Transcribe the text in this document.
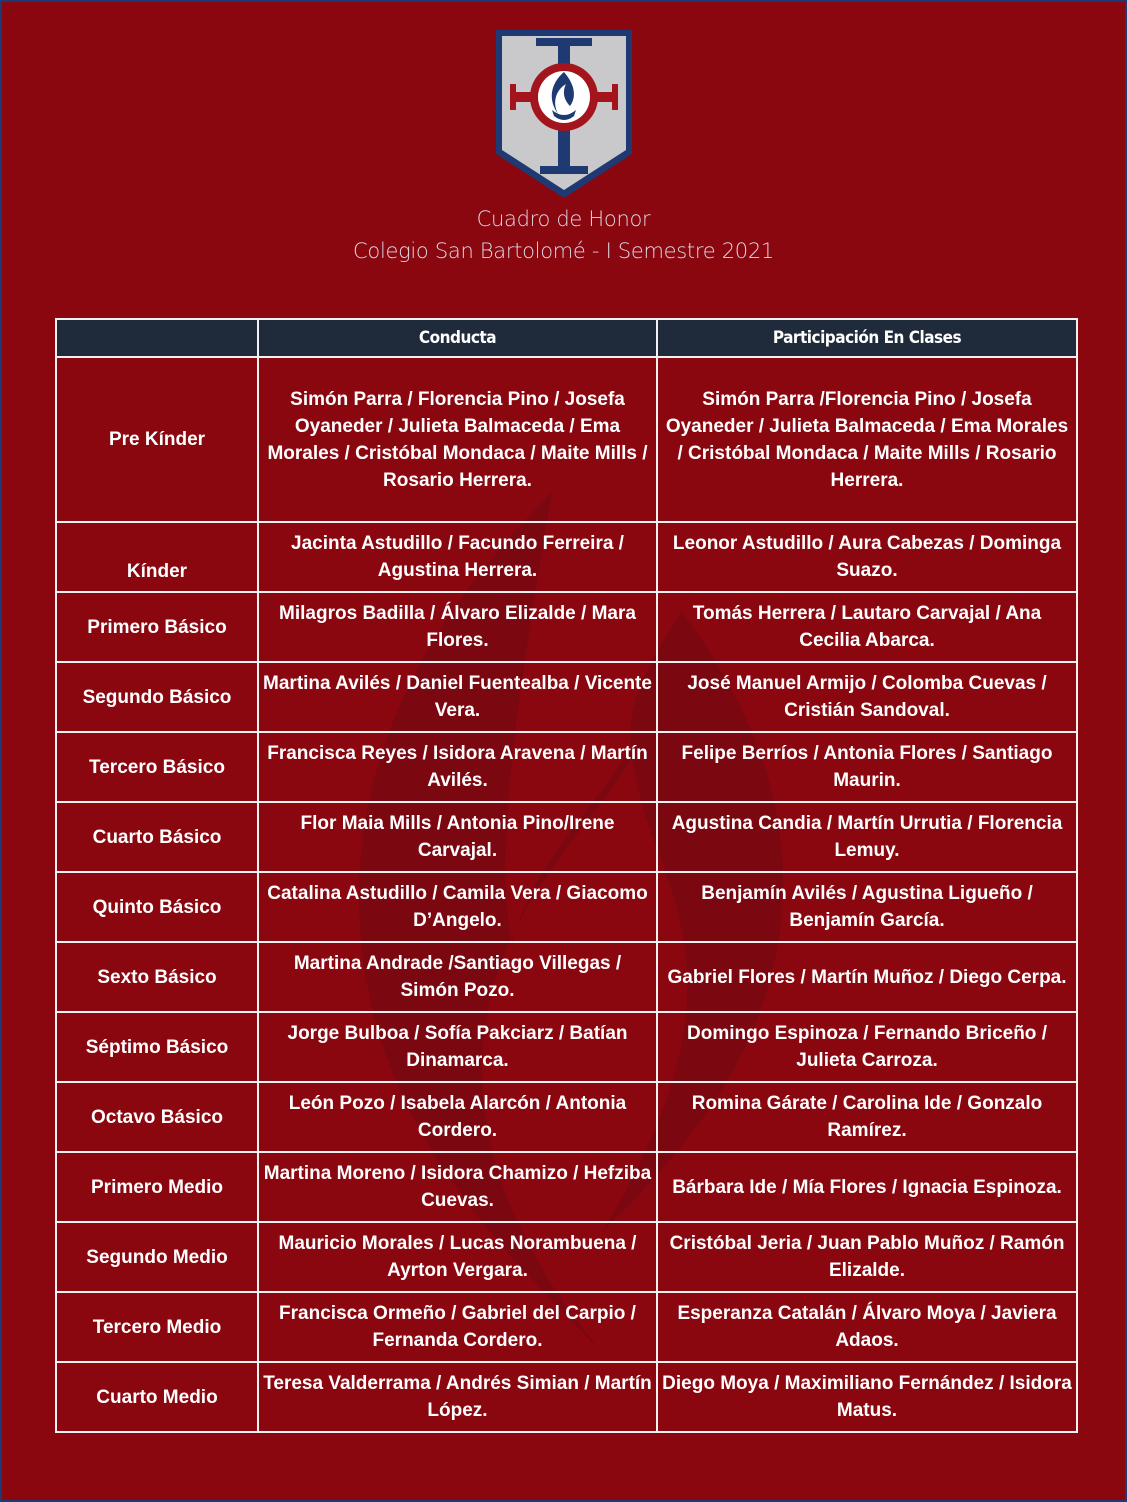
Cuadro de Honor
Colegio San Bartolomé - I Semestre 2021
	Conducta	Participación En Clases
Pre Kínder	Simón Parra / Florencia Pino / Josefa Oyaneder / Julieta Balmaceda / Ema Morales / Cristóbal Mondaca / Maite Mills / Rosario Herrera.	Simón Parra /Florencia Pino / Josefa Oyaneder / Julieta Balmaceda / Ema Morales / Cristóbal Mondaca / Maite Mills / Rosario Herrera.
Kínder	Jacinta Astudillo / Facundo Ferreira / Agustina Herrera.	Leonor Astudillo / Aura Cabezas / Dominga Suazo.
Primero Básico	Milagros Badilla / Álvaro Elizalde / Mara Flores.	Tomás Herrera / Lautaro Carvajal / Ana Cecilia Abarca.
Segundo Básico	Martina Avilés / Daniel Fuentealba / Vicente Vera.	José Manuel Armijo / Colomba Cuevas / Cristián Sandoval.
Tercero Básico	Francisca Reyes / Isidora Aravena / Martín Avilés.	Felipe Berríos / Antonia Flores / Santiago Maurin.
Cuarto Básico	Flor Maia Mills / Antonia Pino/Irene Carvajal.	Agustina Candia / Martín Urrutia / Florencia Lemuy.
Quinto Básico	Catalina Astudillo / Camila Vera / Giacomo D’Angelo.	Benjamín Avilés / Agustina Ligueño / Benjamín García.
Sexto Básico	Martina Andrade /Santiago Villegas / Simón Pozo.	Gabriel Flores / Martín Muñoz / Diego Cerpa.
Séptimo Básico	Jorge Bulboa / Sofía Pakciarz / Batían Dinamarca.	Domingo Espinoza / Fernando Briceño / Julieta Carroza.
Octavo Básico	León Pozo / Isabela Alarcón / Antonia Cordero.	Romina Gárate / Carolina Ide / Gonzalo Ramírez.
Primero Medio	Martina Moreno / Isidora Chamizo / Hefziba Cuevas.	Bárbara Ide / Mía Flores / Ignacia Espinoza.
Segundo Medio	Mauricio Morales / Lucas Norambuena / Ayrton Vergara.	Cristóbal Jeria / Juan Pablo Muñoz / Ramón Elizalde.
Tercero Medio	Francisca Ormeño / Gabriel del Carpio / Fernanda Cordero.	Esperanza Catalán / Álvaro Moya / Javiera Adaos.
Cuarto Medio	Teresa Valderrama / Andrés Simian / Martín López.	Diego Moya / Maximiliano Fernández / Isidora Matus.
